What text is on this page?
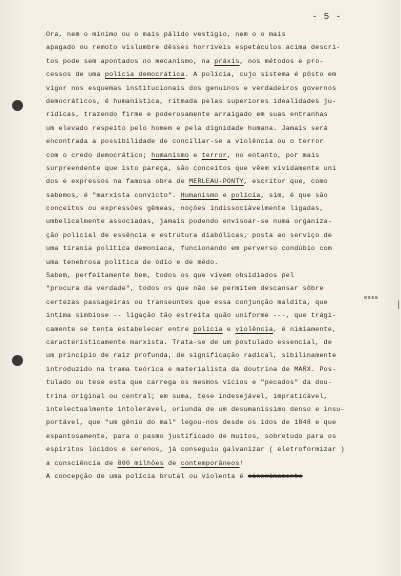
- 5 -
Ora, nem o mínimo ou o mais pálido vestígio, nem o o mais
apagado ou remoto vislumbre dêsses horríveis espetáculos acima descri-
tos pode sem apontados no mecanismo, na práxis, nos métodos e pro-
cessos de uma polícia democrática. A polícia, cujo sistema é pôsto em
vigor nos esquemas institucionais dos genuinos e verdadeiros governos
democráticos, é humanística, ritmada pelas superiores idealidades ju-
rídicas, trazendo firme e poderosamente arraigado em suas entranhas
um elevado respeito pelo homem e pela dignidade humana. Jamais será
encontrada a possibilidade de conciliar-se a violência ou o terror
com o credo democrático; humanismo e terror, no entanto, por mais
surpreendente que isto pareça, são conceitos que vêem vividamente uni
dos e expressos na famosa obra de MERLEAU-PONTY, escritor que, como
sabemos, é "marxista convicto". Humanismo e polícia, sim, é que são
conceitos ou expressões gêmeas, noções indissociàvelmente ligadas,
umbelicalmente associadas, jamais podendo envisoar-se numa organiza-
ção policial de essência e estrutura diabólicas, posta ao serviço de
uma tirania política demoníaca, funcionando em perverso condúbio com
uma tenebrosa política de ódio e de médo.
Sabem, perfeitamente bem, todos os que vivem obsidiados pel
"procura da verdade", todos os que não se permitem descansar sôbre
certezas passageiras ou transeuntes que essa conjunção maldita, que
essa
intima simbiose -- ligação tão estreita quão uniforme ---, que trági-
camente se tenta estabelecer entre polícia e violência, é nimiamente,
característicamente marxista. Trata-se de um postulado essencial, de
um princípio de raiz profunda, de significação radical, sibilinamente
introduzido na trama teórica e materialista da doutrina de MARX. Pos-
tulado ou tese esta que carrega os mesmos vícios e "pecados" da dou-
trina original ou central; em suma, tese indesejável, impraticável,
intelectualmente intolerável, oriunda de um desumaníssimo denso e insu-
portável, que "um gênio do mal" legou-nos desde os idos de 1848 e que
espantosamente, para o pasmo justificado de muitos, sobretudo para os
espíritos lúcidos e serenos, já conseguiu galvanizar ( eletroformizar )
a consciência de 800 milhões de contemporâneos!
A concepção de uma polícia brutal ou violenta é sinonimamente
|
